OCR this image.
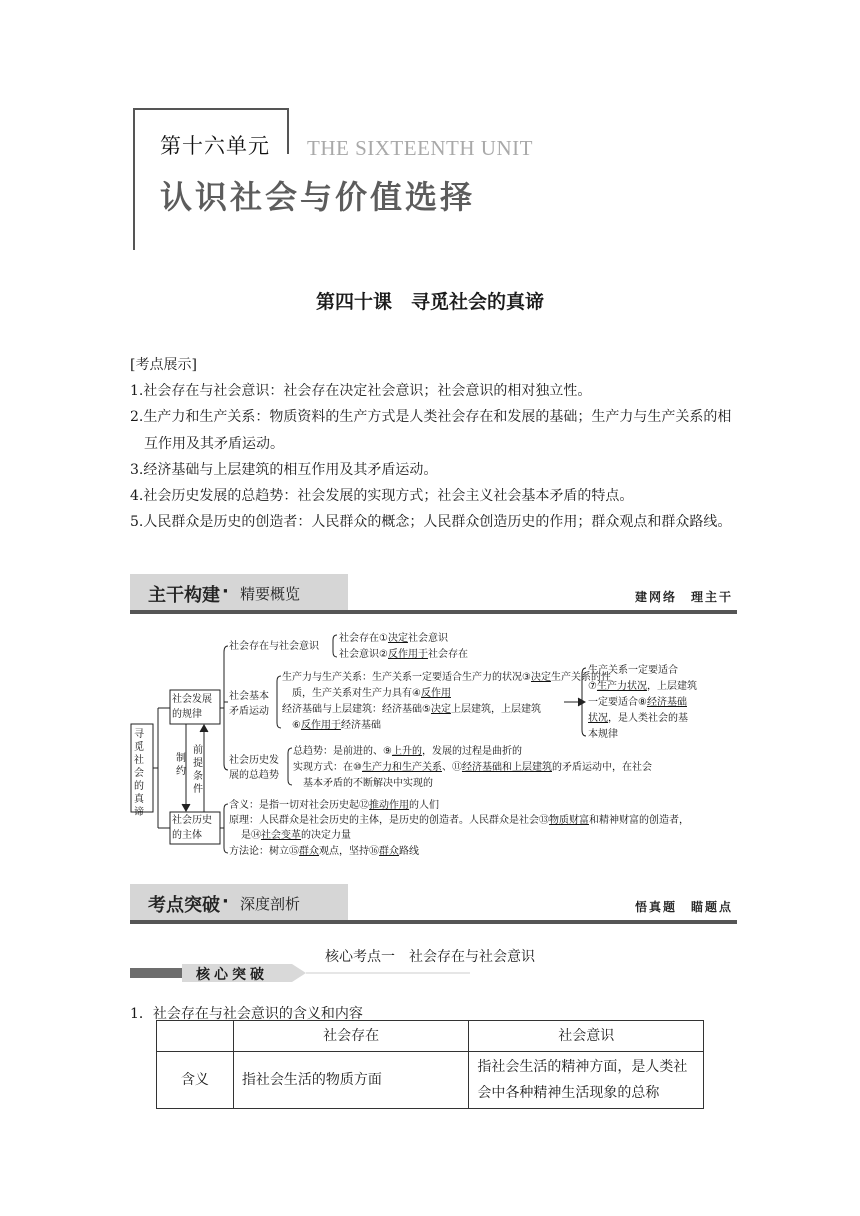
第十六单元 THE SIXTEENTH UNIT
认识社会与价值选择
第四十课　寻觅社会的真谛

[考点展示]

1.社会存在与社会意识：社会存在决定社会意识；社会意识的相对独立性。

2.生产力和生产关系：物质资料的生产方式是人类社会存在和发展的基础；生产力与生产关系的相互作用及其矛盾运动。

3.经济基础与上层建筑的相互作用及其矛盾运动。

4.社会历史发展的总趋势：社会发展的实现方式；社会主义社会基本矛盾的特点。

5.人民群众是历史的创造者：人民群众的概念；人民群众创造历史的作用；群众观点和群众路线。

主干构建 · 精要概览	建网络　理主干
寻觅社会的真谛
社会发展的规律
社会历史的主体
制约
前提条件
社会存在与社会意识
社会存在①决定社会意识
社会意识②反作用于社会存在
社会基本矛盾运动
生产力与生产关系：生产关系一定要适合生产力的状况③决定生产关系的性
质，生产关系对生产力具有④反作用
经济基础与上层建筑：经济基础⑤决定上层建筑，上层建筑
⑥反作用于经济基础
生产关系一定要适合
⑦生产力状况，上层建筑
一定要适合⑧经济基础
状况，是人类社会的基
本规律
社会历史发展的总趋势
总趋势：是前进的、⑨上升的，发展的过程是曲折的
实现方式：在⑩生产力和生产关系、⑪经济基础和上层建筑的矛盾运动中，在社会
基本矛盾的不断解决中实现的
含义：是指一切对社会历史起⑫推动作用的人们
原理：人民群众是社会历史的主体，是历史的创造者。人民群众是社会⑬物质财富和精神财富的创造者，
是⑭社会变革的决定力量
方法论：树立⑮群众观点，坚持⑯群众路线
考点突破 · 深度剖析	悟真题　瞄题点
核心考点一　社会存在与社会意识
核心突破
1．社会存在与社会意识的含义和内容
	社会存在	社会意识
含义	指社会生活的物质方面	指社会生活的精神方面，是人类社会中各种精神生活现象的总称
